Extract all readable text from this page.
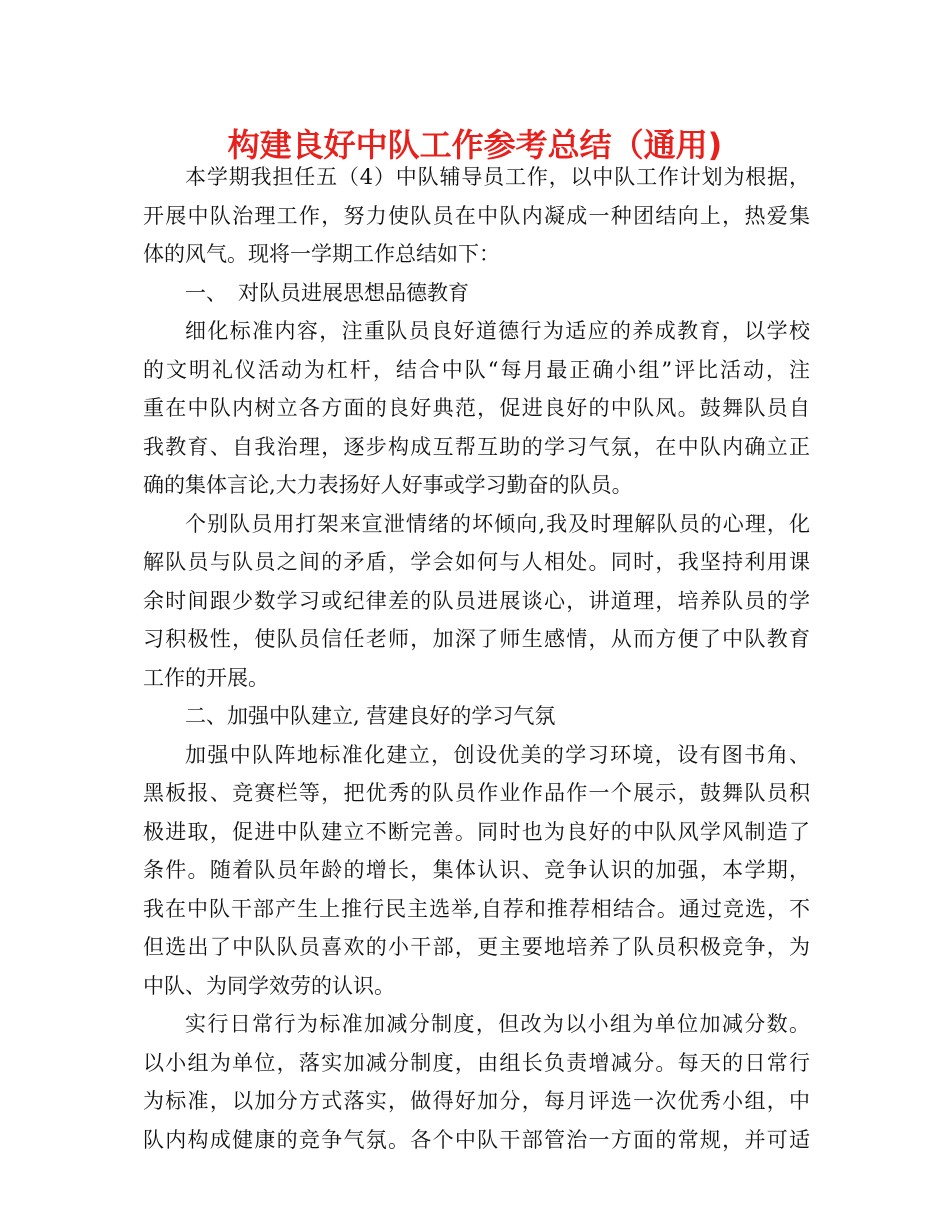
构建良好中队工作参考总结（通用)
本学期我担任五（4）中队辅导员工作，以中队工作计划为根据，
开展中队治理工作，努力使队员在中队内凝成一种团结向上，热爱集
体的风气。现将一学期工作总结如下：
一、 对队员进展思想品德教育
细化标准内容，注重队员良好道德行为适应的养成教育，以学校
的文明礼仪活动为杠杆，结合中队“每月最正确小组”评比活动，注
重在中队内树立各方面的良好典范，促进良好的中队风。鼓舞队员自
我教育、自我治理，逐步构成互帮互助的学习气氛，在中队内确立正
确的集体言论,大力表扬好人好事或学习勤奋的队员。
个别队员用打架来宣泄情绪的坏倾向,我及时理解队员的心理，化
解队员与队员之间的矛盾，学会如何与人相处。同时，我坚持利用课
余时间跟少数学习或纪律差的队员进展谈心，讲道理，培养队员的学
习积极性，使队员信任老师，加深了师生感情，从而方便了中队教育
工作的开展。
二、加强中队建立, 营建良好的学习气氛
加强中队阵地标准化建立，创设优美的学习环境，设有图书角、
黑板报、竞赛栏等，把优秀的队员作业作品作一个展示，鼓舞队员积
极进取，促进中队建立不断完善。同时也为良好的中队风学风制造了
条件。随着队员年龄的增长，集体认识、竞争认识的加强，本学期，
我在中队干部产生上推行民主选举,自荐和推荐相结合。通过竞选，不
但选出了中队队员喜欢的小干部，更主要地培养了队员积极竞争，为
中队、为同学效劳的认识。
实行日常行为标准加减分制度，但改为以小组为单位加减分数。
以小组为单位，落实加减分制度，由组长负责增减分。每天的日常行
为标准，以加分方式落实，做得好加分，每月评选一次优秀小组，中
队内构成健康的竞争气氛。各个中队干部管治一方面的常规，并可适
